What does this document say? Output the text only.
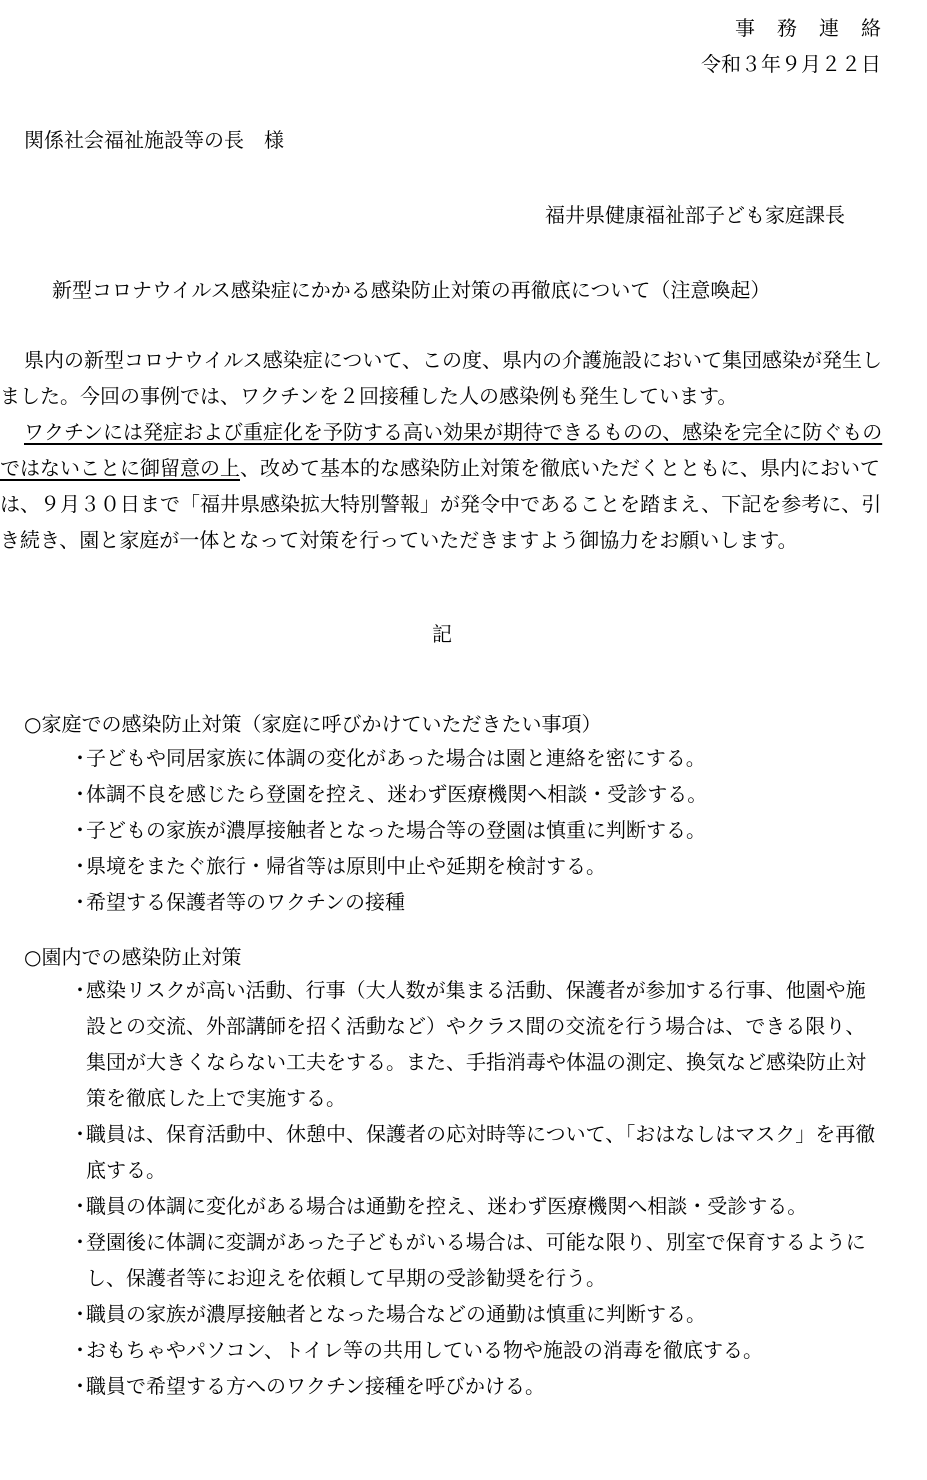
事務連絡
令和３年９月２２日
関係社会福祉施設等の長　様
福井県健康福祉部子ども家庭課長
新型コロナウイルス感染症にかかる感染防止対策の再徹底について（注意喚起）

県内の新型コロナウイルス感染症について、この度、県内の介護施設において集団感染が発生しました。今回の事例では、ワクチンを２回接種した人の感染例も発生しています。

ワクチンには発症および重症化を予防する高い効果が期待できるものの、感染を完全に防ぐものではないことに御留意の上、改めて基本的な感染防止対策を徹底いただくとともに、県内においては、９月３０日まで「福井県感染拡大特別警報」が発令中であることを踏まえ、下記を参考に、引き続き、園と家庭が一体となって対策を行っていただきますよう御協力をお願いします。

記
○家庭での感染防止対策（家庭に呼びかけていただきたい事項）
・
子どもや同居家族に体調の変化があった場合は園と連絡を密にする。
・
体調不良を感じたら登園を控え、迷わず医療機関へ相談・受診する。
・
子どもの家族が濃厚接触者となった場合等の登園は慎重に判断する。
・
県境をまたぐ旅行・帰省等は原則中止や延期を検討する。
・
希望する保護者等のワクチンの接種
○園内での感染防止対策
・
感染リスクが高い活動、行事（大人数が集まる活動、保護者が参加する行事、他園や施設との交流、外部講師を招く活動など）やクラス間の交流を行う場合は、できる限り、集団が大きくならない工夫をする。また、手指消毒や体温の測定、換気など感染防止対策を徹底した上で実施する。
・
職員は、保育活動中、休憩中、保護者の応対時等について、「おはなしはマスク」を再徹底する。
・
職員の体調に変化がある場合は通勤を控え、迷わず医療機関へ相談・受診する。
・
登園後に体調に変調があった子どもがいる場合は、可能な限り、別室で保育するようにし、保護者等にお迎えを依頼して早期の受診勧奨を行う。
・
職員の家族が濃厚接触者となった場合などの通勤は慎重に判断する。
・
おもちゃやパソコン、トイレ等の共用している物や施設の消毒を徹底する。
・
職員で希望する方へのワクチン接種を呼びかける。
